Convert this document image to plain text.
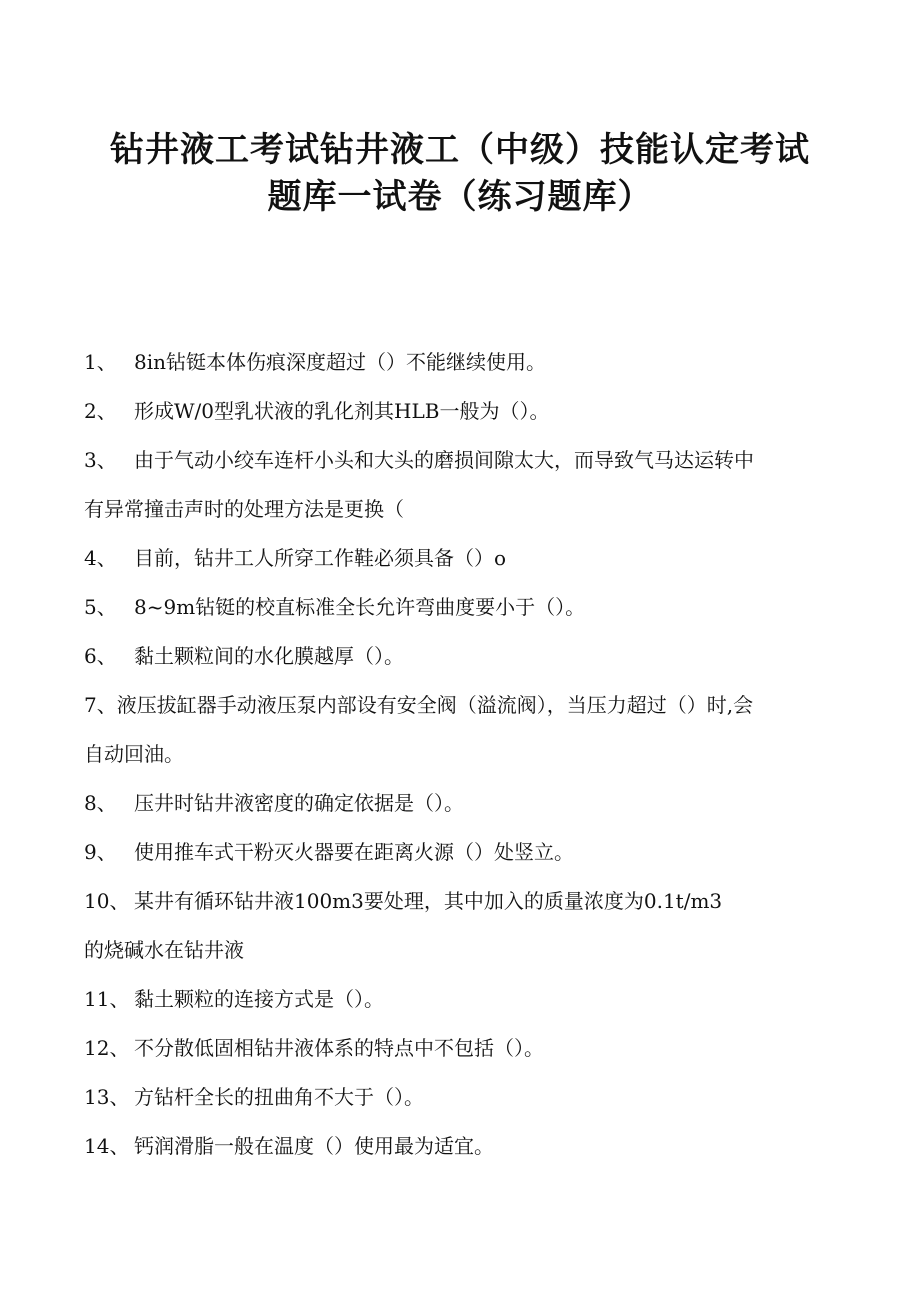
钻井液工考试钻井液工（中级）技能认定考试
题库一试卷（练习题库）
1、 8in钻铤本体伤痕深度超过（）不能继续使用。
2、 形成W/0型乳状液的乳化剂其HLB一般为（）。
3、 由于气动小绞车连杆小头和大头的磨损间隙太大，而导致气马达运转中
有异常撞击声时的处理方法是更换（
4、 目前，钻井工人所穿工作鞋必须具备（）o
5、 8~9m钻铤的校直标准全长允许弯曲度要小于（）。
6、 黏土颗粒间的水化膜越厚（）。
7、液压拔缸器手动液压泵内部设有安全阀（溢流阀），当压力超过（）时,会
自动回油。
8、 压井时钻井液密度的确定依据是（）。
9、 使用推车式干粉灭火器要在距离火源（）处竖立。
10、 某井有循环钻井液100m3要处理，其中加入的质量浓度为0.1t∕m3
的烧碱水在钻井液
11、 黏土颗粒的连接方式是（）。
12、 不分散低固相钻井液体系的特点中不包括（）。
13、 方钻杆全长的扭曲角不大于（）。
14、 钙润滑脂一般在温度（）使用最为适宜。
